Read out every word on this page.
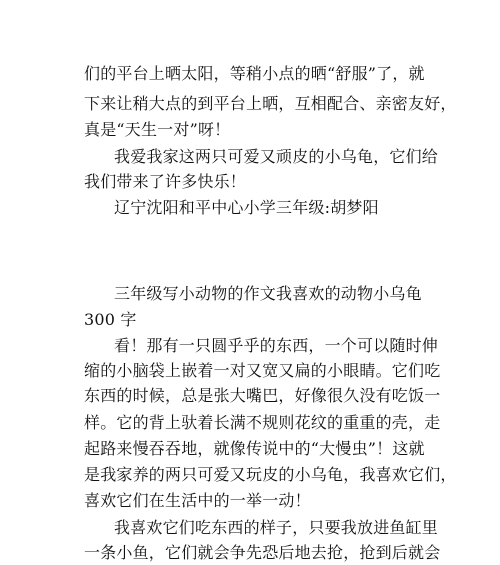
们的平台上晒太阳，等稍小点的晒“舒服”了，就
下来让稍大点的到平台上晒，互相配合、亲密友好，
真是“天生一对”呀！
我爱我家这两只可爱又顽皮的小乌龟，它们给
我们带来了许多快乐！
辽宁沈阳和平中心小学三年级:胡梦阳
三年级写小动物的作文我喜欢的动物小乌龟
300 字
看！那有一只圆乎乎的东西，一个可以随时伸
缩的小脑袋上嵌着一对又宽又扁的小眼睛。它们吃
东西的时候，总是张大嘴巴，好像很久没有吃饭一
样。它的背上驮着长满不规则花纹的重重的壳，走
起路来慢吞吞地，就像传说中的“大慢虫”！这就
是我家养的两只可爱又玩皮的小乌龟，我喜欢它们，
喜欢它们在生活中的一举一动！
我喜欢它们吃东西的样子，只要我放进鱼缸里
一条小鱼，它们就会争先恐后地去抢，抢到后就会
